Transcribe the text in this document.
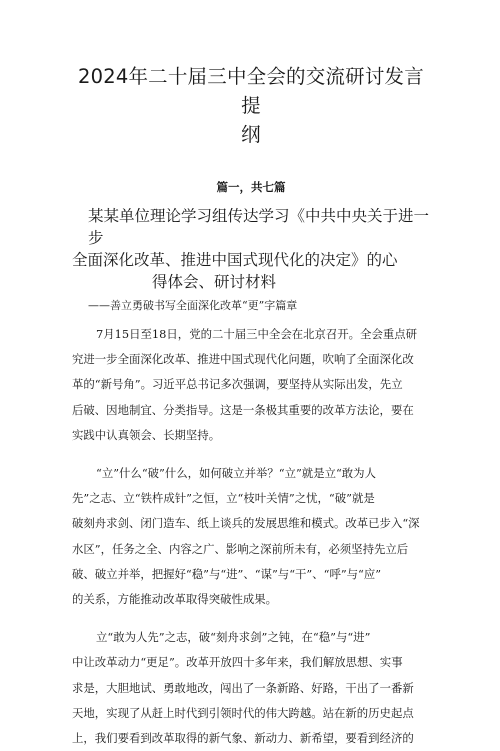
2024年二十届三中全会的交流研讨发言提
纲
篇一，共七篇
某某单位理论学习组传达学习《中共中央关于进一步
全面深化改革、推进中国式现代化的决定》的心
得体会、研讨材料
——善立勇破书写全面深化改革“更”字篇章

7月15日至18日，党的二十届三中全会在北京召开。全会重点研
究进一步全面深化改革、推进中国式现代化问题，吹响了全面深化改
革的“新号角”。习近平总书记多次强调，要坚持从实际出发，先立
后破、因地制宜、分类指导。这是一条极其重要的改革方法论，要在
实践中认真领会、长期坚持。

“立”什么“破”什么，如何破立并举？“立”就是立“敢为人
先”之志、立“铁杵成针”之恒，立“枝叶关情”之忧，“破”就是
破刻舟求剑、闭门造车、纸上谈兵的发展思维和模式。改革已步入“深
水区”，任务之全、内容之广、影响之深前所未有，必须坚持先立后
破、破立并举，把握好“稳”与“进”、“谋”与“干”、“呼”与“应”
的关系，方能推动改革取得突破性成果。

立“敢为人先”之志，破“刻舟求剑”之钝，在“稳”与“进”
中让改革动力“更足”。改革开放四十多年来，我们解放思想、实事
求是，大胆地试、勇敢地改，闯出了一条新路、好路，干出了一番新
天地，实现了从赶上时代到引领时代的伟大跨越。站在新的历史起点
上，我们要看到改革取得的新气象、新动力、新希望，要看到经济的
